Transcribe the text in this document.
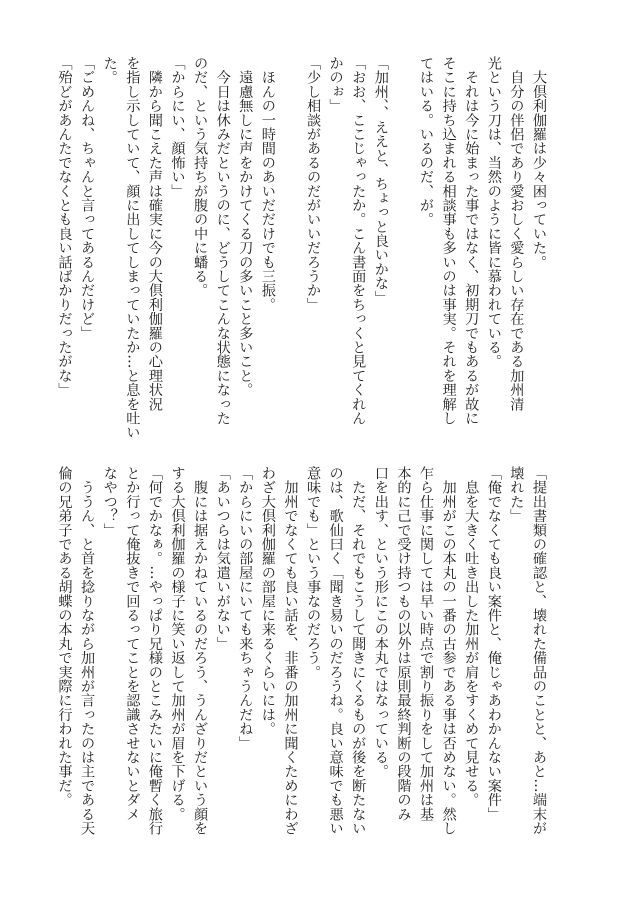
　大倶利伽羅は少々困っていた。

　自分の伴侶であり愛おしく愛らしい存在である加州清

光という刀は、当然のように皆に慕われている。

　それは今に始まった事ではなく、初期刀でもあるが故に

そこに持ち込まれる相談事も多いのは事実。それを理解し

てはいる。いるのだ、が。

「加州、、ええと、ちょっと良いかな」

「おお、ここじゃったか。こん書面をちっくと見てくれん

かのぉ」

「少し相談があるのだがいいだろうか」

　ほんの一時間のあいだだけでも三振。

　遠慮無しに声をかけてくる刀の多いこと多いこと。

　今日は休みだというのに、どうしてこんな状態になった

のだ、という気持ちが腹の中に蟠る。

「からにい、顔怖い」

　隣から聞こえた声は確実に今の大倶利伽羅の心理状況

を指し示していて、顔に出してしまっていたか…と息を吐い

た。

「ごめんね、ちゃんと言ってあるんだけど」

「殆どがあんたでなくとも良い話ばかりだったがな」

「提出書類の確認と、壊れた備品のことと、あと…端末が

壊れた」

「俺でなくても良い案件と、俺じゃあわかんない案件」

　息を大きく吐き出した加州が肩をすくめて見せる。

　加州がこの本丸の一番の古参である事は否めない。然し

乍ら仕事に関しては早い時点で割り振りをして加州は基

本的に己で受け持つもの以外は原則最終判断の段階のみ

口を出す、という形にこの本丸ではなっている。

　ただ、それでもこうして聞きにくるものが後を断たない

のは、歌仙曰く「聞き易いのだろうね。良い意味でも悪い

意味でも」という事なのだろう。

　加州でなくても良い話を、非番の加州に聞くためにわざ

わざ大倶利伽羅の部屋に来るくらいには。

「からにいの部屋にいても来ちゃうんだね」

「あいつらは気遣いがない」

　腹には据えかねているのだろう、うんざりだという顔を

する大倶利伽羅の様子に笑い返して加州が眉を下げる。

「何でかなぁ。…やっぱり兄様のとこみたいに俺暫く旅行

とか行って俺抜きで回るってことを認識させないとダメ

なやつ？」

　ううん、と首を捻りながら加州が言ったのは主である天

倫の兄弟子である胡蝶の本丸で実際に行われた事だ。
